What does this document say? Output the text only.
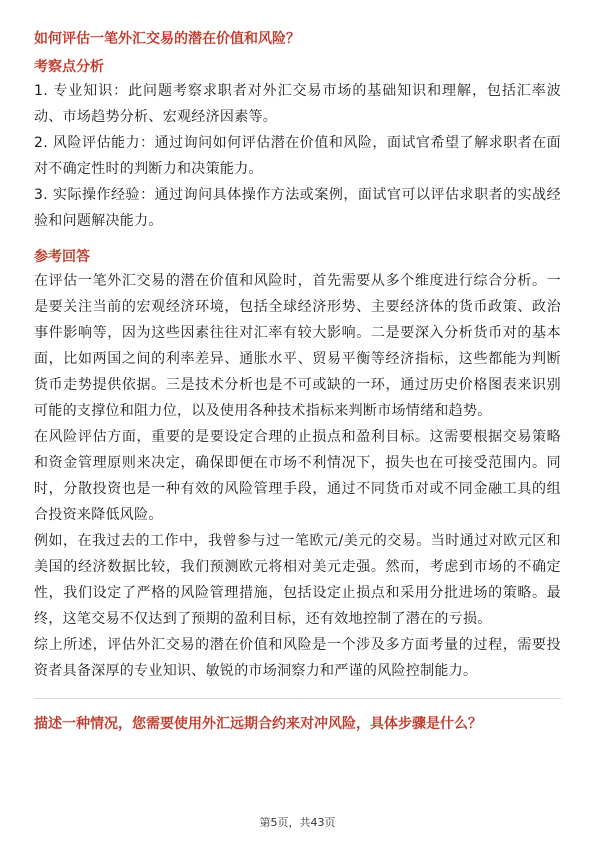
如何评估一笔外汇交易的潜在价值和风险？

考察点分析

1. 专业知识：此问题考察求职者对外汇交易市场的基础知识和理解，包括汇率波动、市场趋势分析、宏观经济因素等。

2. 风险评估能力：通过询问如何评估潜在价值和风险，面试官希望了解求职者在面对不确定性时的判断力和决策能力。

3. 实际操作经验：通过询问具体操作方法或案例，面试官可以评估求职者的实战经验和问题解决能力。

参考回答

在评估一笔外汇交易的潜在价值和风险时，首先需要从多个维度进行综合分析。一是要关注当前的宏观经济环境，包括全球经济形势、主要经济体的货币政策、政治事件影响等，因为这些因素往往对汇率有较大影响。二是要深入分析货币对的基本面，比如两国之间的利率差异、通胀水平、贸易平衡等经济指标，这些都能为判断货币走势提供依据。三是技术分析也是不可或缺的一环，通过历史价格图表来识别可能的支撑位和阻力位，以及使用各种技术指标来判断市场情绪和趋势。

在风险评估方面，重要的是要设定合理的止损点和盈利目标。这需要根据交易策略和资金管理原则来决定，确保即便在市场不利情况下，损失也在可接受范围内。同时，分散投资也是一种有效的风险管理手段，通过不同货币对或不同金融工具的组合投资来降低风险。

例如，在我过去的工作中，我曾参与过一笔欧元/美元的交易。当时通过对欧元区和美国的经济数据比较，我们预测欧元将相对美元走强。然而，考虑到市场的不确定性，我们设定了严格的风险管理措施，包括设定止损点和采用分批进场的策略。最终，这笔交易不仅达到了预期的盈利目标，还有效地控制了潜在的亏损。

综上所述，评估外汇交易的潜在价值和风险是一个涉及多方面考量的过程，需要投资者具备深厚的专业知识、敏锐的市场洞察力和严谨的风险控制能力。

描述一种情况，您需要使用外汇远期合约来对冲风险，具体步骤是什么？

第5页，共43页
